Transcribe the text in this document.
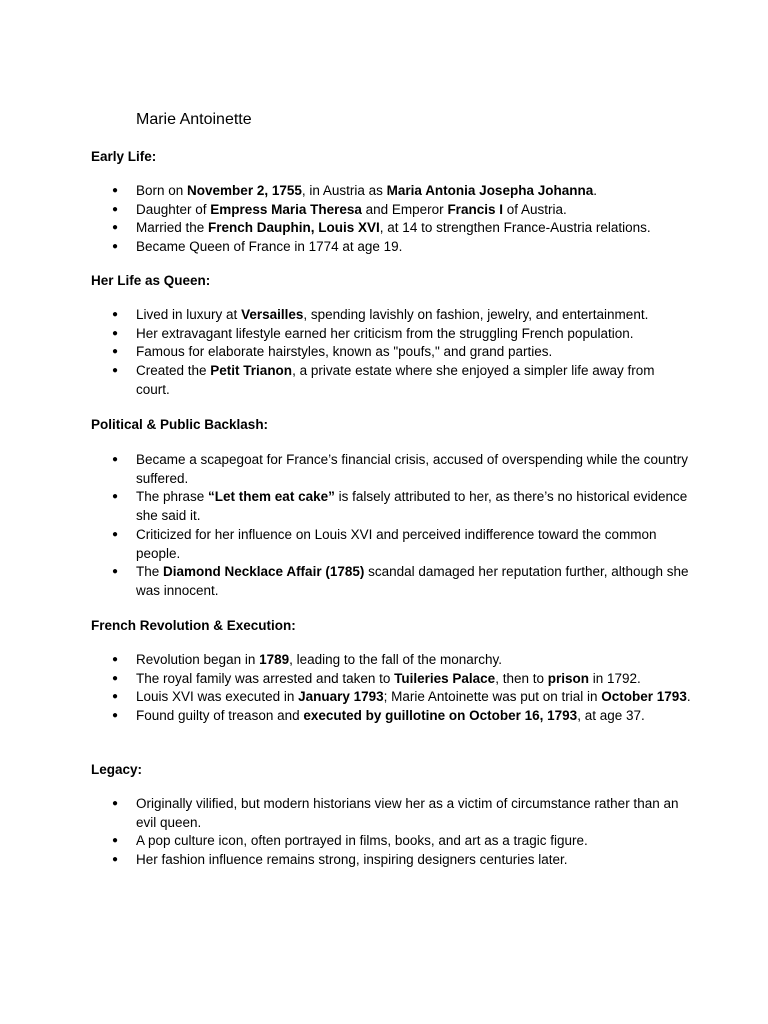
Marie Antoinette
Early Life:
● Born on November 2, 1755, in Austria as Maria Antonia Josepha Johanna.
● Daughter of Empress Maria Theresa and Emperor Francis I of Austria.
● Married the French Dauphin, Louis XVI, at 14 to strengthen France-Austria relations.
● Became Queen of France in 1774 at age 19.
Her Life as Queen:
● Lived in luxury at Versailles, spending lavishly on fashion, jewelry, and entertainment.
● Her extravagant lifestyle earned her criticism from the struggling French population.
● Famous for elaborate hairstyles, known as "poufs," and grand parties.
● Created the Petit Trianon, a private estate where she enjoyed a simpler life away from court.
Political & Public Backlash:
● Became a scapegoat for France’s financial crisis, accused of overspending while the country suffered.
● The phrase “Let them eat cake” is falsely attributed to her, as there’s no historical evidence she said it.
● Criticized for her influence on Louis XVI and perceived indifference toward the common people.
● The Diamond Necklace Affair (1785) scandal damaged her reputation further, although she was innocent.
French Revolution & Execution:
● Revolution began in 1789, leading to the fall of the monarchy.
● The royal family was arrested and taken to Tuileries Palace, then to prison in 1792.
● Louis XVI was executed in January 1793; Marie Antoinette was put on trial in October 1793.
● Found guilty of treason and executed by guillotine on October 16, 1793, at age 37.
Legacy:
● Originally vilified, but modern historians view her as a victim of circumstance rather than an evil queen.
● A pop culture icon, often portrayed in films, books, and art as a tragic figure.
● Her fashion influence remains strong, inspiring designers centuries later.
